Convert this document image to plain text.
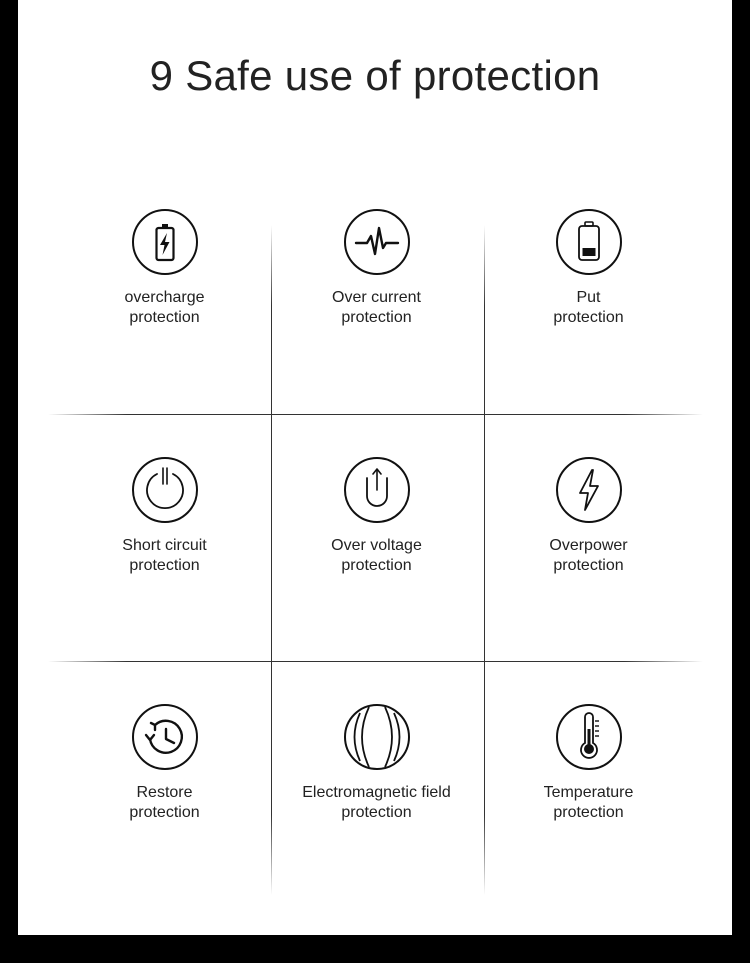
9 Safe use of protection
overcharge
protection
Over current
protection
Put
protection
Short circuit
protection
Over voltage
protection
Overpower
protection
Restore
protection
Electromagnetic field
protection
Temperature
protection
